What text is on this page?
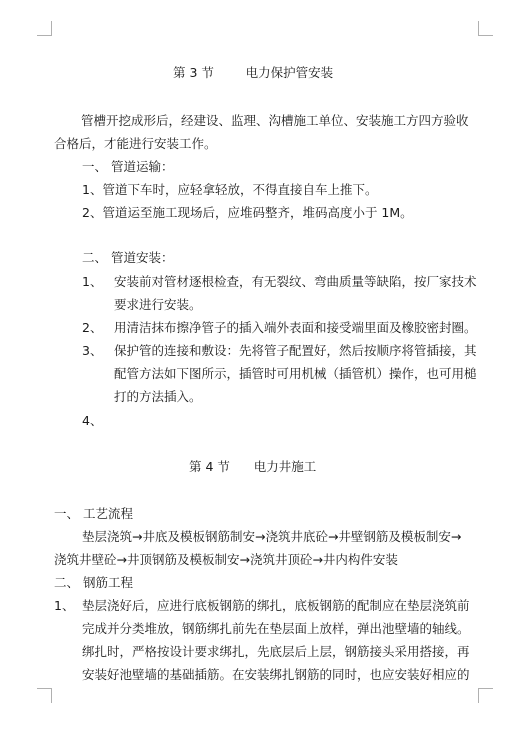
第 3 节        电力保护管安装
管槽开挖成形后，经建设、监理、沟槽施工单位、安装施工方四方验收
合格后，才能进行安装工作。
一、 管道运输：
1、管道下车时，应轻拿轻放，不得直接自车上推下。
2、管道运至施工现场后，应堆码整齐，堆码高度小于 1M。
二、 管道安装：
1、 安装前对管材逐根检查，有无裂纹、弯曲质量等缺陷，按厂家技术
要求进行安装。
2、 用清洁抹布擦净管子的插入端外表面和接受端里面及橡胶密封圈。
3、 保护管的连接和敷设：先将管子配置好，然后按顺序将管插接，其
配管方法如下图所示，插管时可用机械（插管机）操作，也可用槌
打的方法插入。
4、
第 4 节      电力井施工
一、 工艺流程
垫层浇筑→井底及模板钢筋制安→浇筑井底砼→井壁钢筋及模板制安→
浇筑井壁砼→井顶钢筋及模板制安→浇筑井顶砼→井内构件安装
二、 钢筋工程
1、 垫层浇好后，应进行底板钢筋的绑扎，底板钢筋的配制应在垫层浇筑前
完成并分类堆放，钢筋绑扎前先在垫层面上放样，弹出池壁墙的轴线。
绑扎时，严格按设计要求绑扎，先底层后上层，钢筋接头采用搭接，再
安装好池壁墙的基础插筋。在安装绑扎钢筋的同时，也应安装好相应的
